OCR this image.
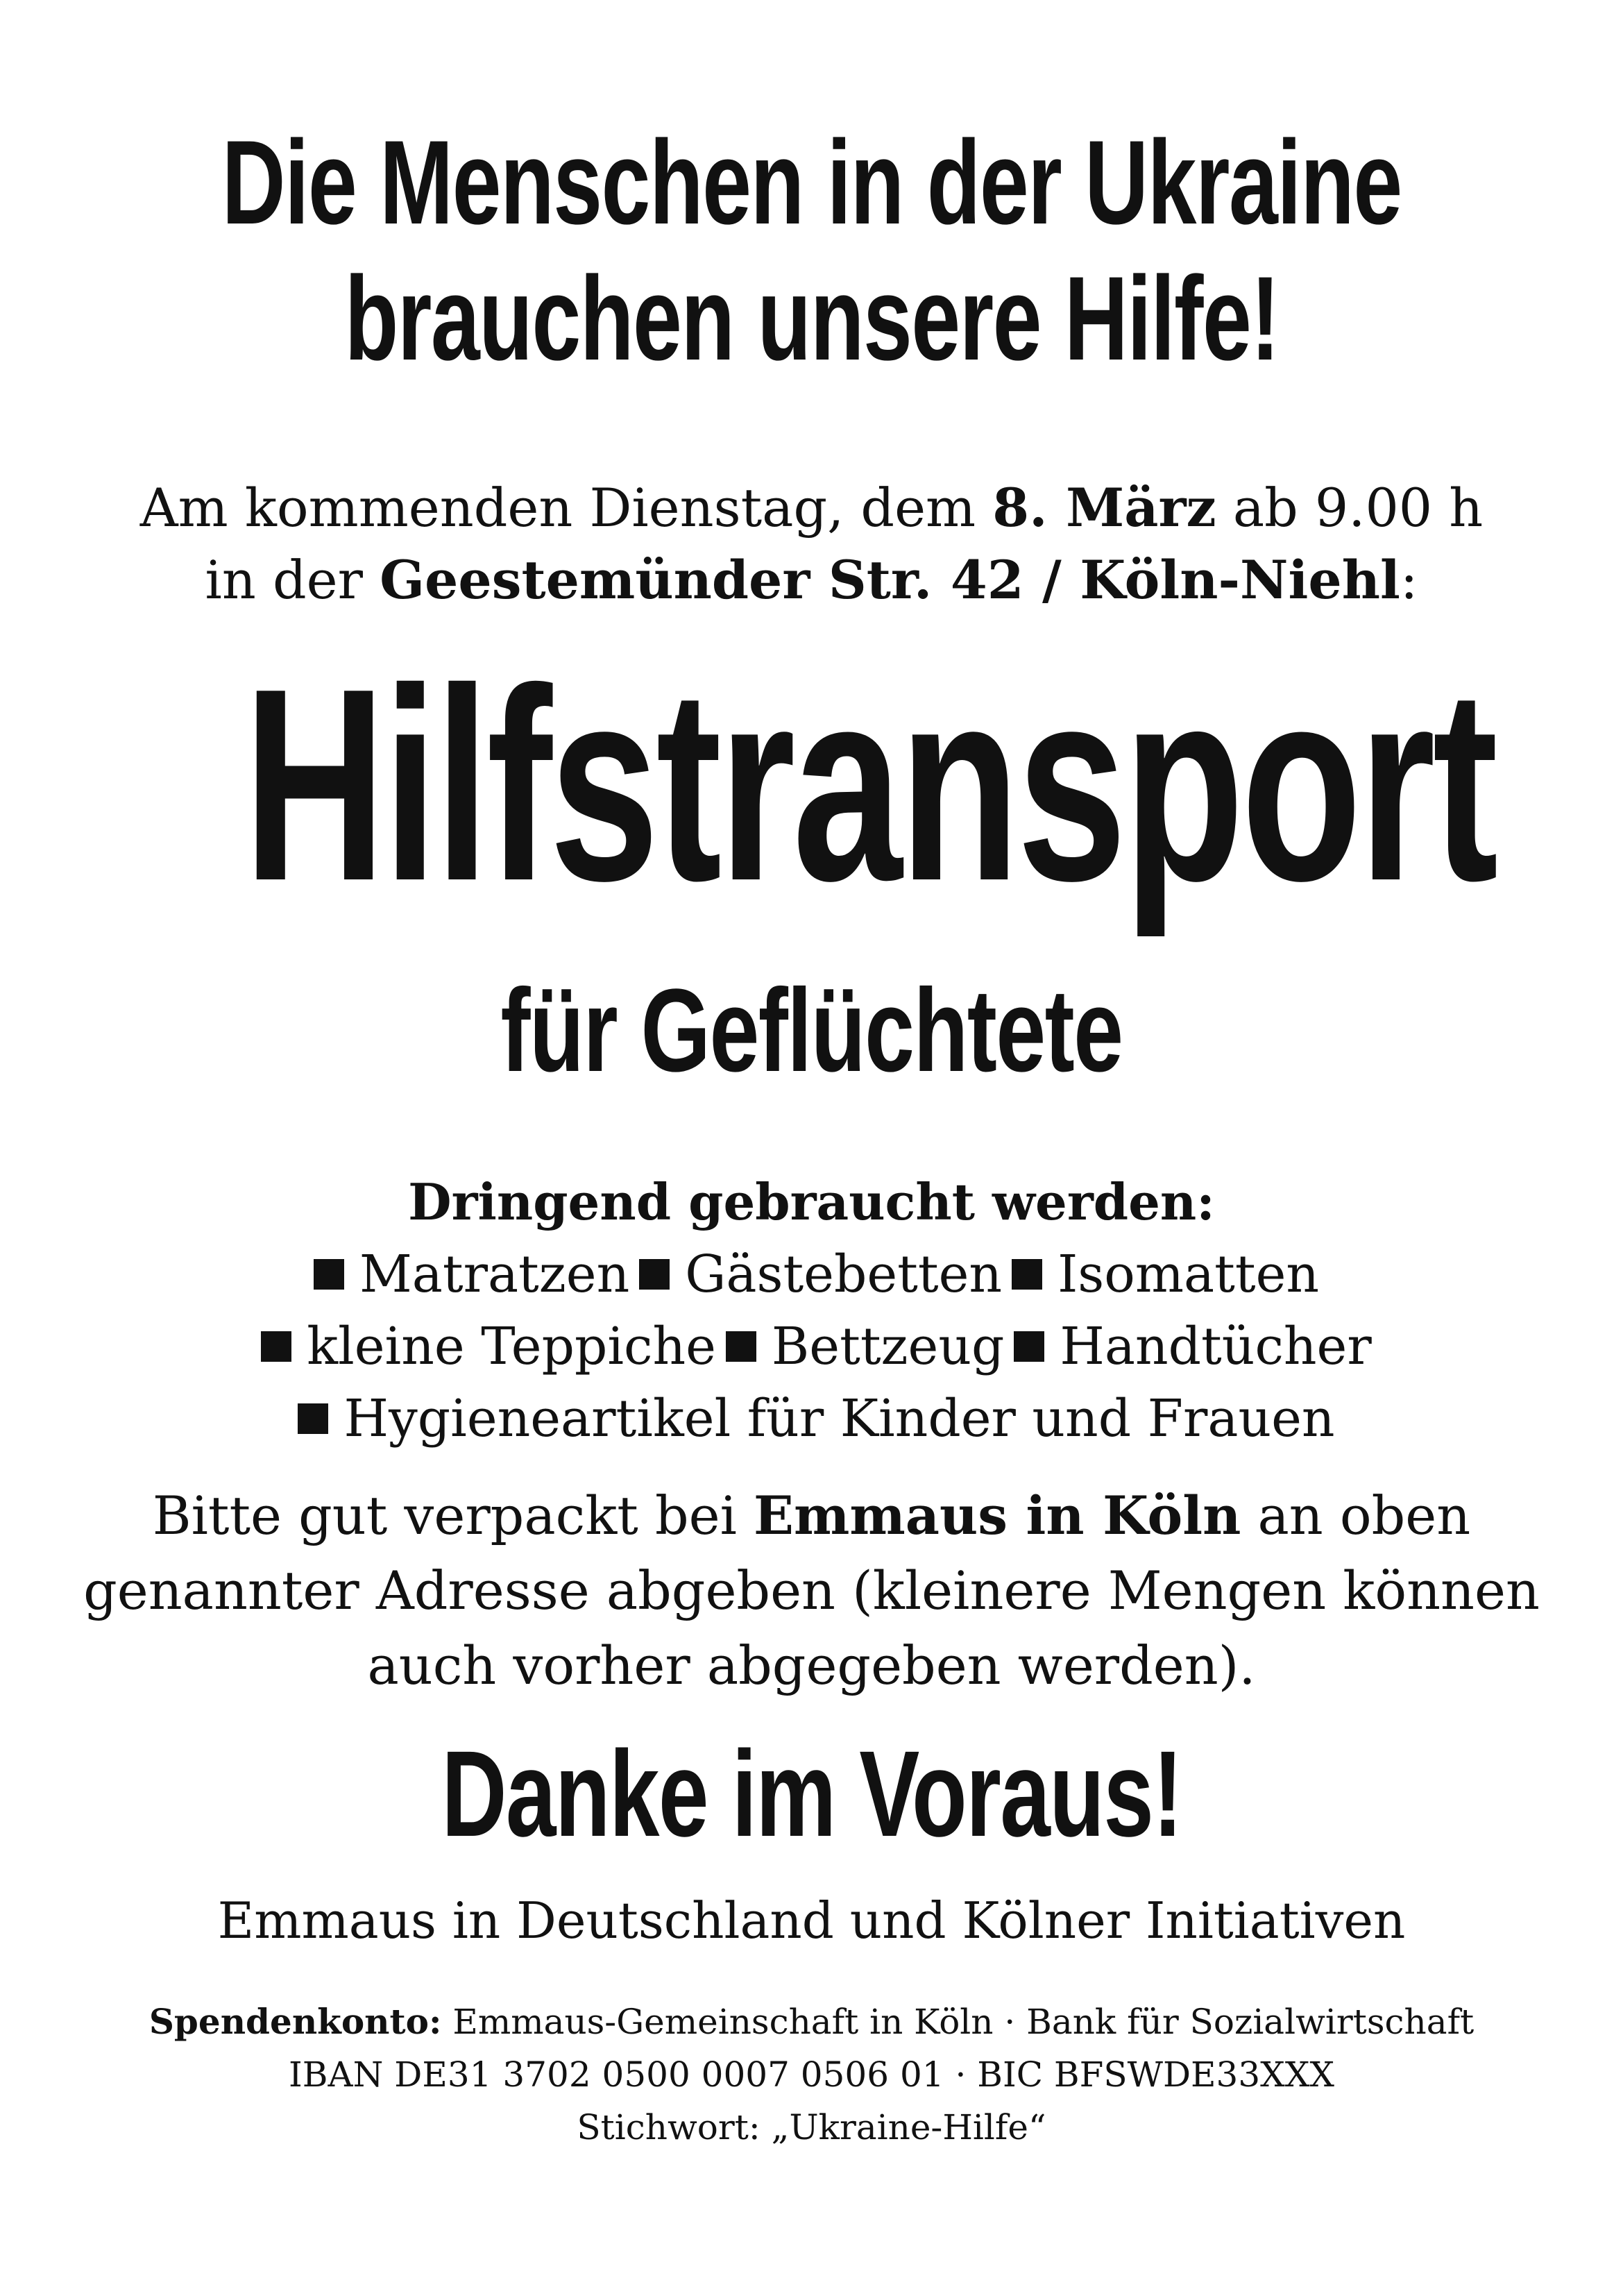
Die Menschen in der Ukraine
brauchen unsere Hilfe!
Am kommenden Dienstag, dem 8. März ab 9.00 h
in der Geestemünder Str. 42 / Köln-Niehl:
Hilfstransport
für Geflüchtete
Dringend gebraucht werden:
Matratzen Gästebetten Isomatten
kleine Teppiche Bettzeug Handtücher
Hygieneartikel für Kinder und Frauen
Bitte gut verpackt bei Emmaus in Köln an oben
genannter Adresse abgeben (kleinere Mengen können
auch vorher abgegeben werden).
Danke im Voraus!
Emmaus in Deutschland und Kölner Initiativen
Spendenkonto: Emmaus-Gemeinschaft in Köln · Bank für Sozialwirtschaft
IBAN DE31 3702 0500 0007 0506 01 · BIC BFSWDE33XXX
Stichwort: „Ukraine-Hilfe“
